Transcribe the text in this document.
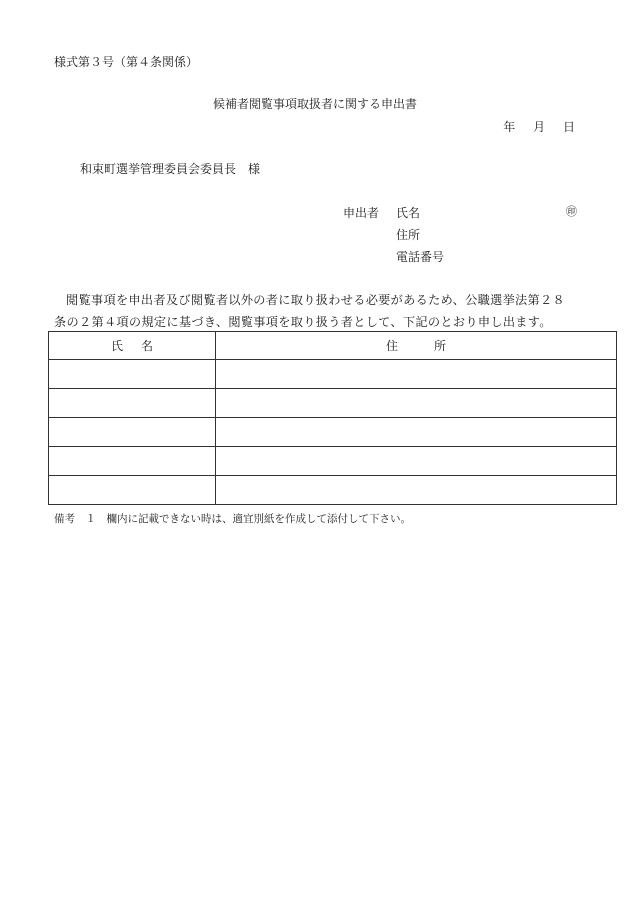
様式第３号（第４条関係）
候補者閲覧事項取扱者に関する申出書
年 月 日
和束町選挙管理委員会委員長　様
申出者 氏名	㊞
住所
電話番号
閲覧事項を申出者及び閲覧者以外の者に取り扱わせる必要があるため、公職選挙法第２８条の２第４項の規定に基づき、閲覧事項を取り扱う者として、下記のとおり申し出ます。
氏名	住所

備考　１　欄内に記載できない時は、適宜別紙を作成して添付して下さい。
